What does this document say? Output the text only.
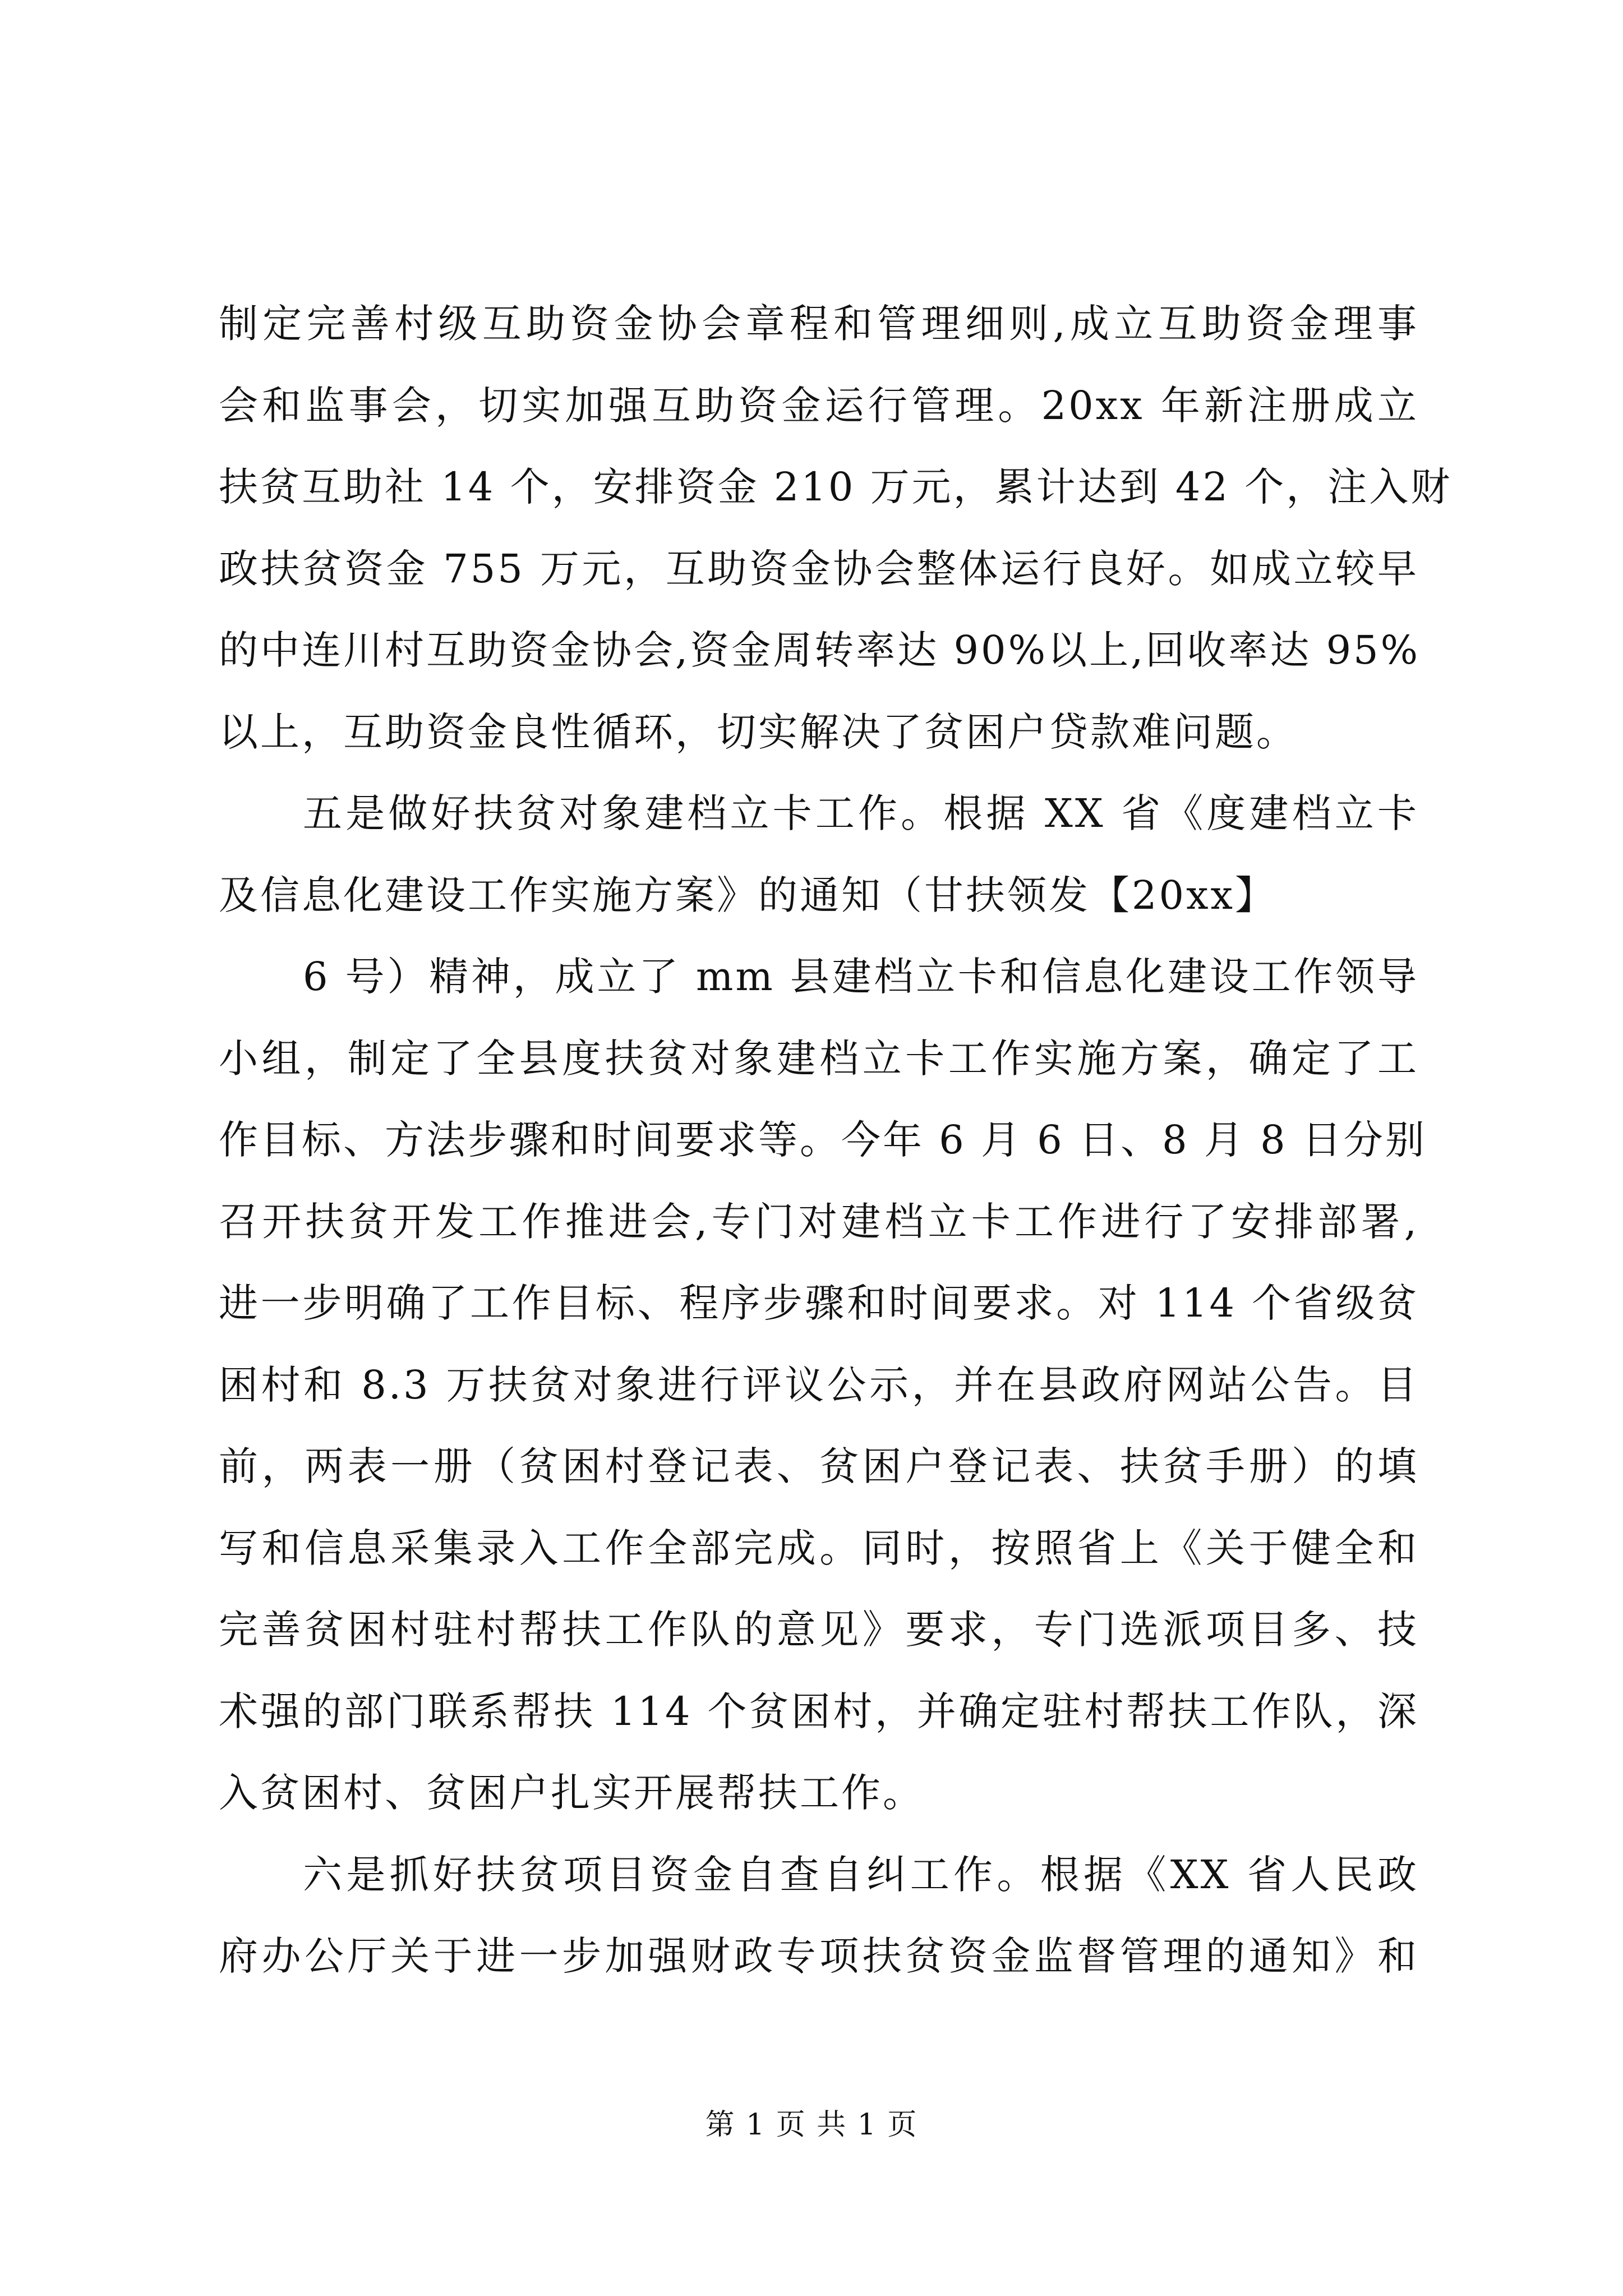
制定完善村级互助资金协会章程和管理细则,成立互助资金理事
会和监事会，切实加强互助资金运行管理。20xx 年新注册成立
扶贫互助社 14 个，安排资金 210 万元，累计达到 42 个，注入财
政扶贫资金 755 万元，互助资金协会整体运行良好。如成立较早
的中连川村互助资金协会,资金周转率达 90%以上,回收率达 95%
以上，互助资金良性循环，切实解决了贫困户贷款难问题。
五是做好扶贫对象建档立卡工作。根据 XX 省《度建档立卡
及信息化建设工作实施方案》的通知（甘扶领发【20xx】
6 号）精神，成立了 mm 县建档立卡和信息化建设工作领导
小组，制定了全县度扶贫对象建档立卡工作实施方案，确定了工
作目标、方法步骤和时间要求等。今年 6 月 6 日、8 月 8 日分别
召开扶贫开发工作推进会,专门对建档立卡工作进行了安排部署,
进一步明确了工作目标、程序步骤和时间要求。对 114 个省级贫
困村和 8.3 万扶贫对象进行评议公示，并在县政府网站公告。目
前，两表一册（贫困村登记表、贫困户登记表、扶贫手册）的填
写和信息采集录入工作全部完成。同时，按照省上《关于健全和
完善贫困村驻村帮扶工作队的意见》要求，专门选派项目多、技
术强的部门联系帮扶 114 个贫困村，并确定驻村帮扶工作队，深
入贫困村、贫困户扎实开展帮扶工作。
六是抓好扶贫项目资金自查自纠工作。根据《XX 省人民政
府办公厅关于进一步加强财政专项扶贫资金监督管理的通知》和
第 1 页 共 1 页
